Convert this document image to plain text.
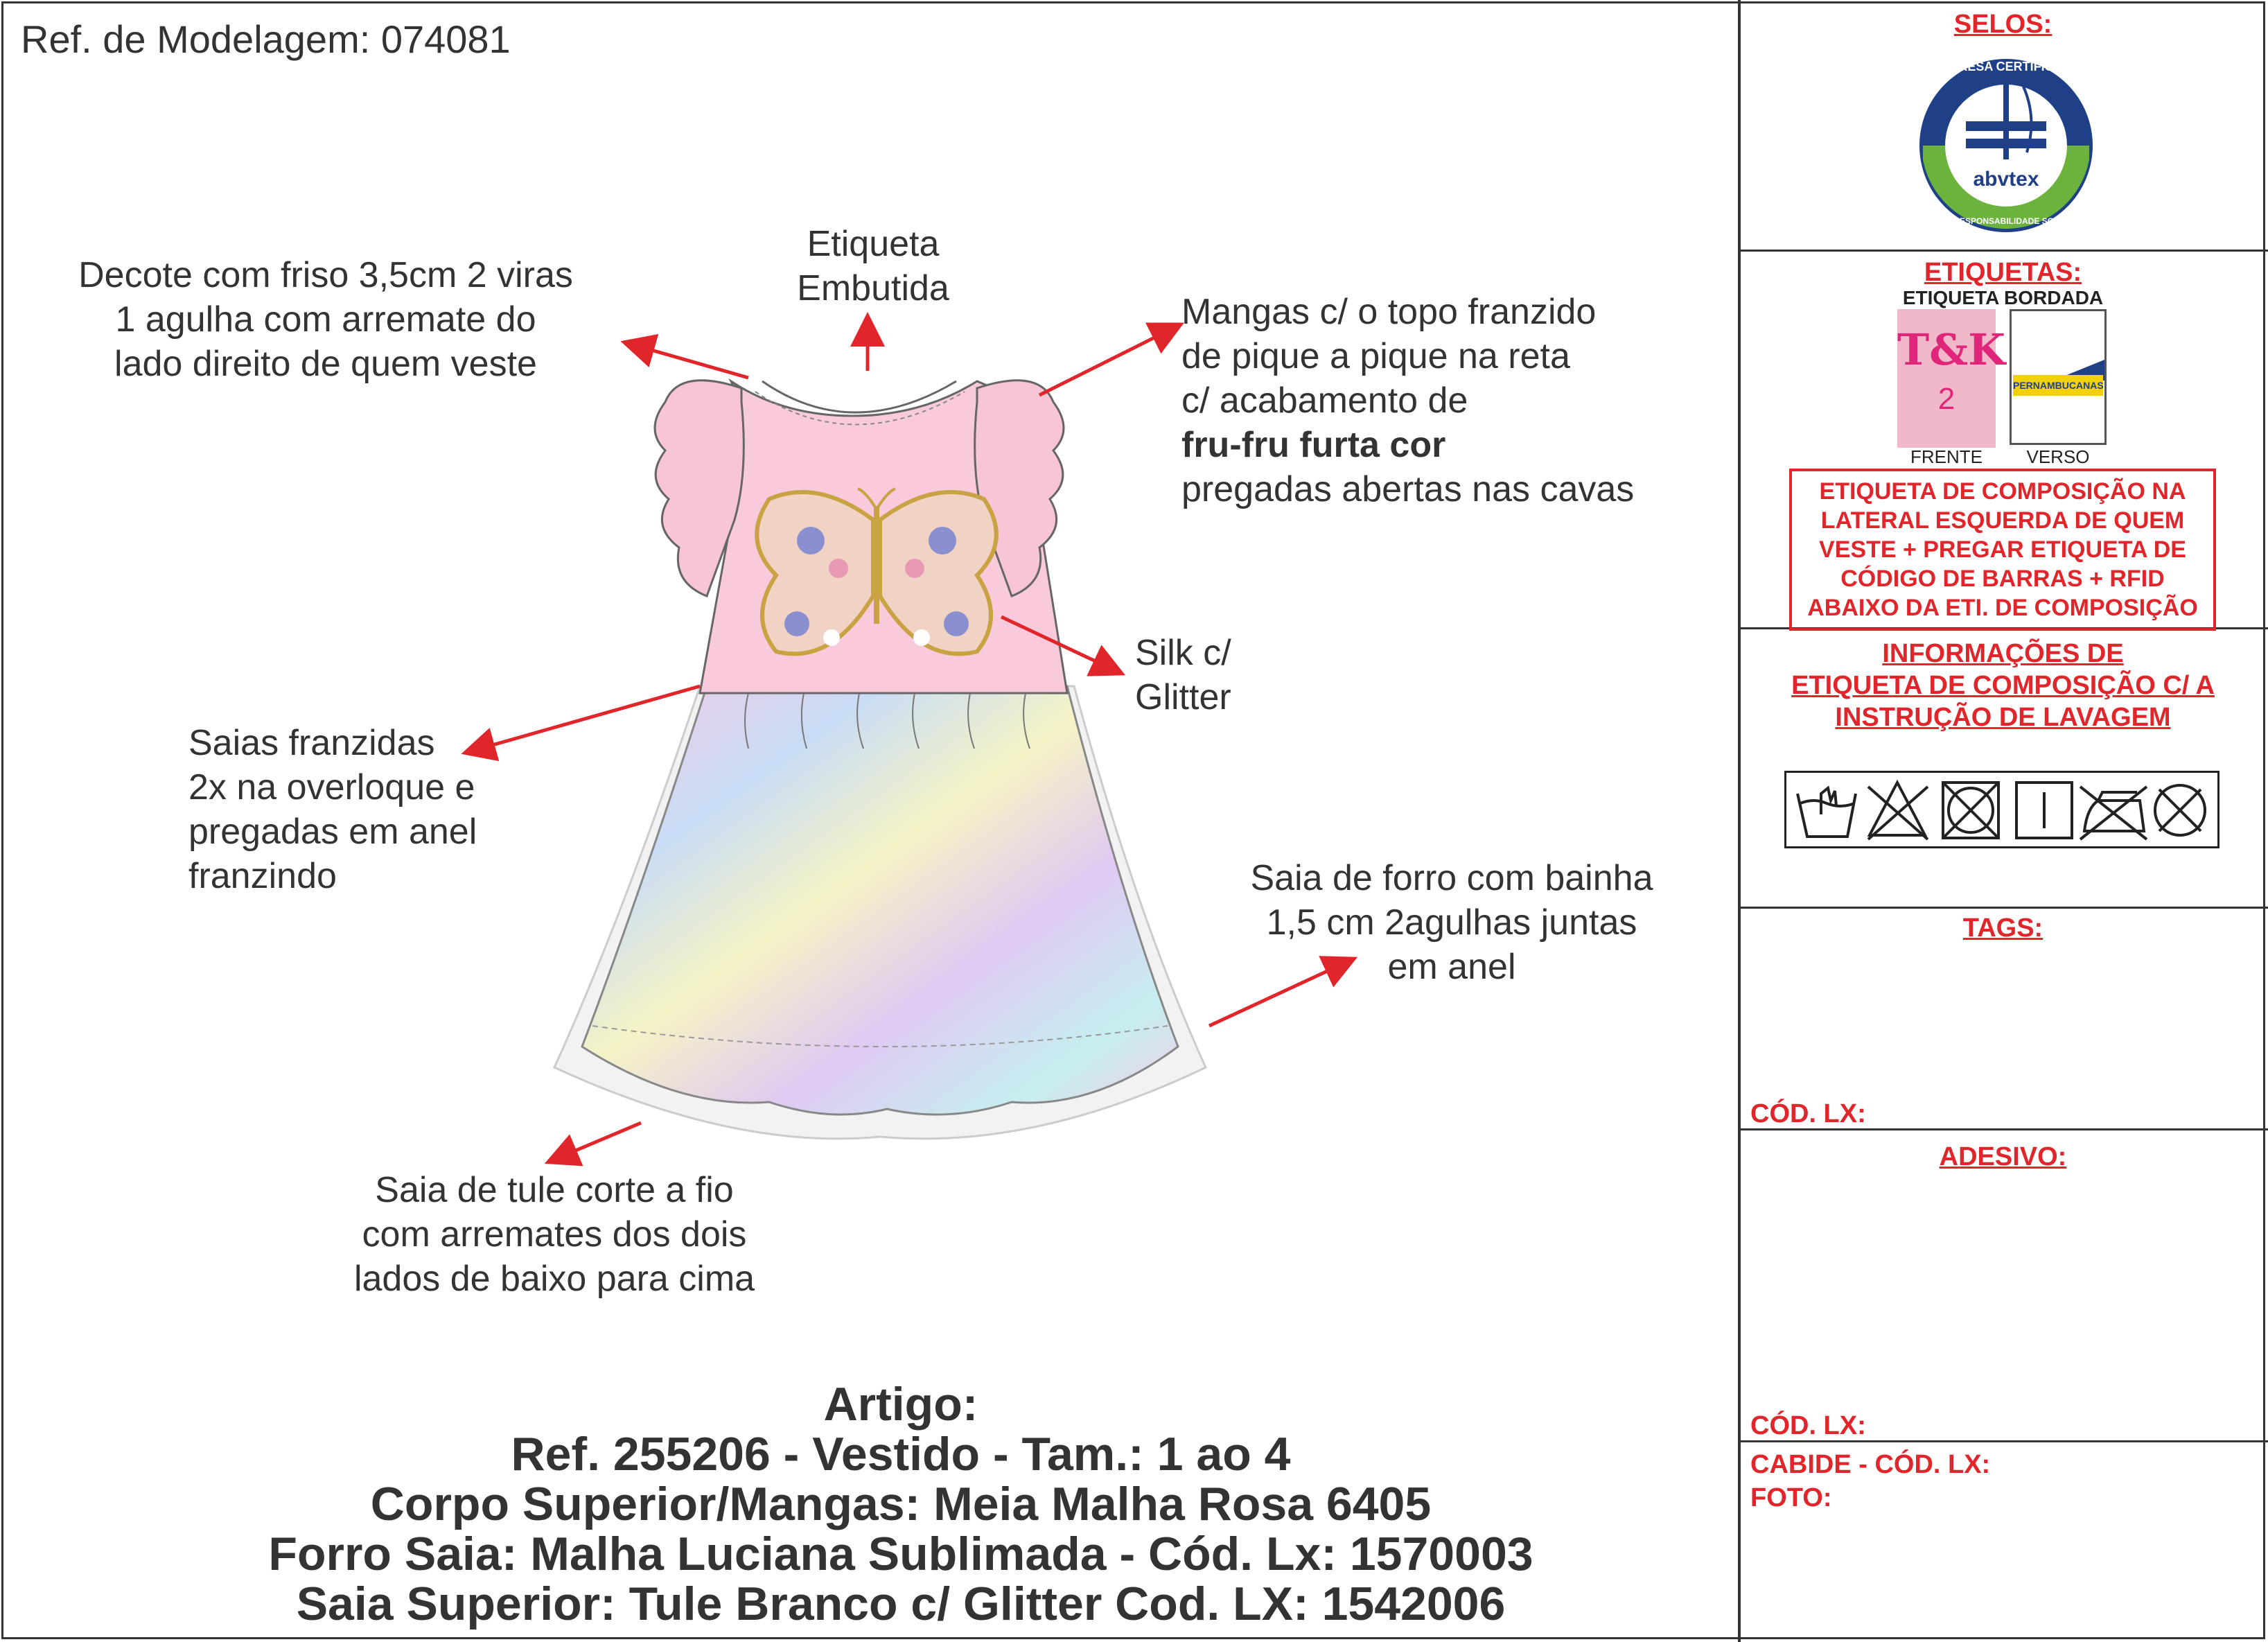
Ref. de Modelagem: 074081
Decote com friso 3,5cm 2 viras
1 agulha com arremate do
lado direito de quem veste
Etiqueta
Embutida
Mangas c/ o topo franzido
de pique a pique na reta
c/ acabamento de
fru-fru furta cor
pregadas abertas nas cavas
Silk c/
Glitter
Saias franzidas
2x na overloque e
pregadas em anel
franzindo	Saia de forro com bainha
1,5 cm 2agulhas juntas
em anel
Saia de tule corte a fio
com arremates dos dois
lados de baixo para cima
Artigo:
Ref. 255206 - Vestido - Tam.: 1 ao 4
Corpo Superior/Mangas: Meia Malha Rosa 6405
Forro Saia: Malha Luciana Sublimada - Cód. Lx: 1570003
Saia Superior: Tule Branco c/ Glitter Cod. LX: 1542006
SELOS:
EMPRESA CERTIFICADA
abvtex
EM RESPONSABILIDADE SOCIAL
ETIQUETAS:
ETIQUETA BORDADA
T&K
2	PERNAMBUCANAS
FRENTE	VERSO
ETIQUETA DE COMPOSIÇÃO NA LATERAL ESQUERDA DE QUEM VESTE + PREGAR ETIQUETA DE CÓDIGO DE BARRAS + RFID ABAIXO DA ETI. DE COMPOSIÇÃO
INFORMAÇÕES DE
ETIQUETA DE COMPOSIÇÃO C/ A
INSTRUÇÃO DE LAVAGEM
TAGS:
CÓD. LX:
ADESIVO:
CÓD. LX:
CABIDE - CÓD. LX:
FOTO:
